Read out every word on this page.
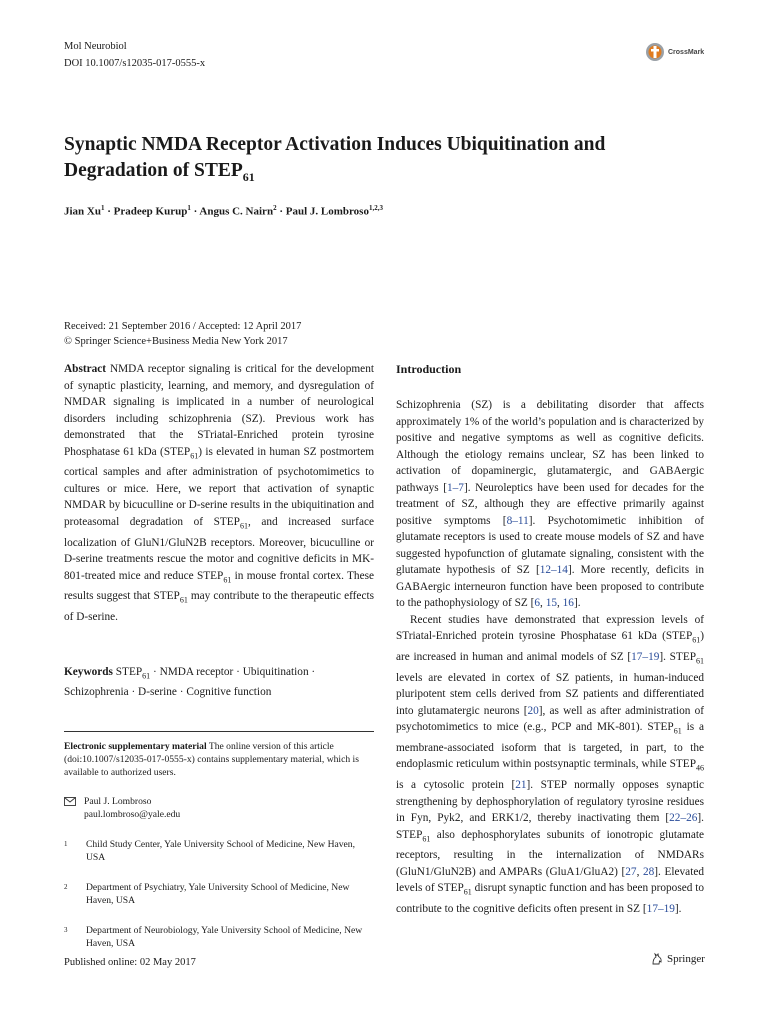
Mol Neurobiol
DOI 10.1007/s12035-017-0555-x
CrossMark
Synaptic NMDA Receptor Activation Induces Ubiquitination and Degradation of $STEP_{61}$
Jian $Xu^1$ · Pradeep Kurup$^1$ · Angus C. Nairn$^2$ · Paul J. Lombroso$^{1,2,3}$
Received: 21 September 2016 / Accepted: 12 April 2017
© Springer Science+Business Media New York 2017

Abstract NMDA receptor signaling is critical for the development of synaptic plasticity, learning, and memory, and dysregulation of NMDAR signaling is implicated in a number of neurological disorders including schizophrenia (SZ). Previous work has demonstrated that the STriatal-Enriched protein tyrosine Phosphatase 61 kDa $(STEP_{61})$ is elevated in human SZ postmortem cortical samples and after administration of psychotomimetics to cultures or mice. Here, we report that activation of synaptic NMDAR by bicuculline or D-serine results in the ubiquitination and proteasomal degradation of $STEP_{61}$, and increased surface localization of GluN1/GluN2B receptors. Moreover, bicuculline or D-serine treatments rescue the motor and cognitive deficits in MK-801-treated mice and reduce $STEP_{61}$ in mouse frontal cortex. These results suggest that $STEP_{61}$ may contribute to the therapeutic effects of D-serine.

Keywords $STEP_{61}$ · NMDA receptor · Ubiquitination · Schizophrenia · D-serine · Cognitive function
Electronic supplementary material The online version of this article (doi:10.1007/s12035-017-0555-x) contains supplementary material, which is available to authorized users.
Paul J. Lombroso
paul.lombroso@yale.edu
1	Child Study Center, Yale University School of Medicine, New Haven, USA
2	Department of Psychiatry, Yale University School of Medicine, New Haven, USA
3	Department of Neurobiology, Yale University School of Medicine, New Haven, USA
Introduction

Schizophrenia (SZ) is a debilitating disorder that affects approximately 1% of the world’s population and is characterized by positive and negative symptoms as well as cognitive deficits. Although the etiology remains unclear, SZ has been linked to activation of dopaminergic, glutamatergic, and GABAergic pathways [1–7]. Neuroleptics have been used for decades for the treatment of SZ, although they are effective primarily against positive symptoms [8–11]. Psychotomimetic inhibition of glutamate receptors is used to create mouse models of SZ and have suggested hypofunction of glutamate signaling, consistent with the glutamate hypothesis of SZ [12–14]. More recently, deficits in GABAergic interneuron function have been proposed to contribute to the pathophysiology of SZ [6, 15, 16].

Recent studies have demonstrated that expression levels of STriatal-Enriched protein tyrosine Phosphatase 61 kDa $(STEP_{61})$ are increased in human and animal models of SZ [17–19]. $STEP_{61}$ levels are elevated in cortex of SZ patients, in human-induced pluripotent stem cells derived from SZ patients and differentiated into glutamatergic neurons [20], as well as after administration of psychotomimetics to mice (e.g., PCP and MK-801). $STEP_{61}$ is a membrane-associated isoform that is targeted, in part, to the endoplasmic reticulum within postsynaptic terminals, while $STEP_{46}$ is a cytosolic protein [21]. STEP normally opposes synaptic strengthening by dephosphorylation of regulatory tyrosine residues in Fyn, Pyk2, and ERK1/2, thereby inactivating them [22–26]. $STEP_{61}$ also dephosphorylates subunits of ionotropic glutamate receptors, resulting in the internalization of NMDARs (GluN1/GluN2B) and AMPARs (GluA1/GluA2) [27, 28]. Elevated levels of $STEP_{61}$ disrupt synaptic function and has been proposed to contribute to the cognitive deficits often present in SZ [17–19].

Published online: 02 May 2017	Springer
